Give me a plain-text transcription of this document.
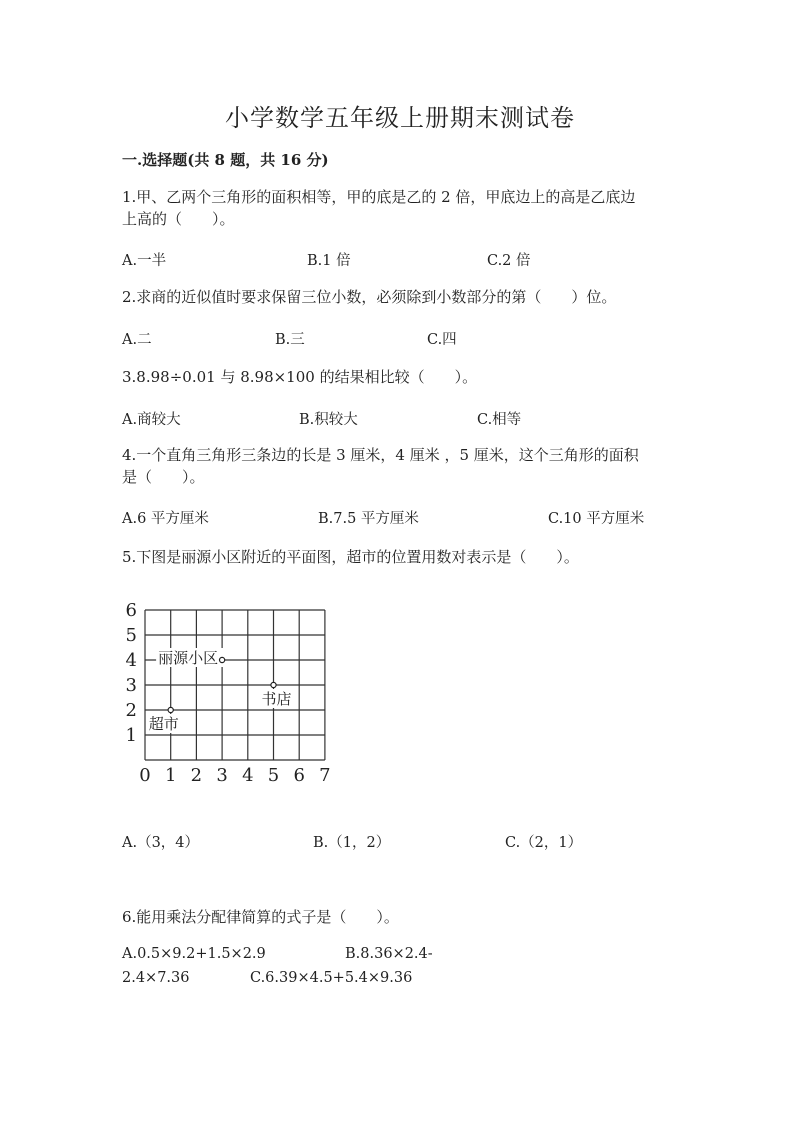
小学数学五年级上册期末测试卷
一.选择题(共 8 题，共 16 分)
1.甲、乙两个三角形的面积相等，甲的底是乙的 2 倍，甲底边上的高是乙底边
上高的（　　）。
A.一半	B.1 倍	C.2 倍
2.求商的近似值时要求保留三位小数，必须除到小数部分的第（　　）位。
A.二	B.三	C.四
3.8.98÷0.01 与 8.98×100 的结果相比较（　　）。
A.商较大	B.积较大	C.相等
4.一个直角三角形三条边的长是 3 厘米，4 厘米 ，5 厘米，这个三角形的面积
是（　　）。
A.6 平方厘米	B.7.5 平方厘米	C.10 平方厘米
5.下图是丽源小区附近的平面图，超市的位置用数对表示是（　　）。
0 1 2 3 4 5 6 7
1
2
3
4
5
6
丽源小区
书店
超市
A.（3，4）	B.（1，2）	C.（2，1）
6.能用乘法分配律简算的式子是（　　）。
A.0.5×9.2+1.5×2.9	B.8.36×2.4-
2.4×7.36	C.6.39×4.5+5.4×9.36
